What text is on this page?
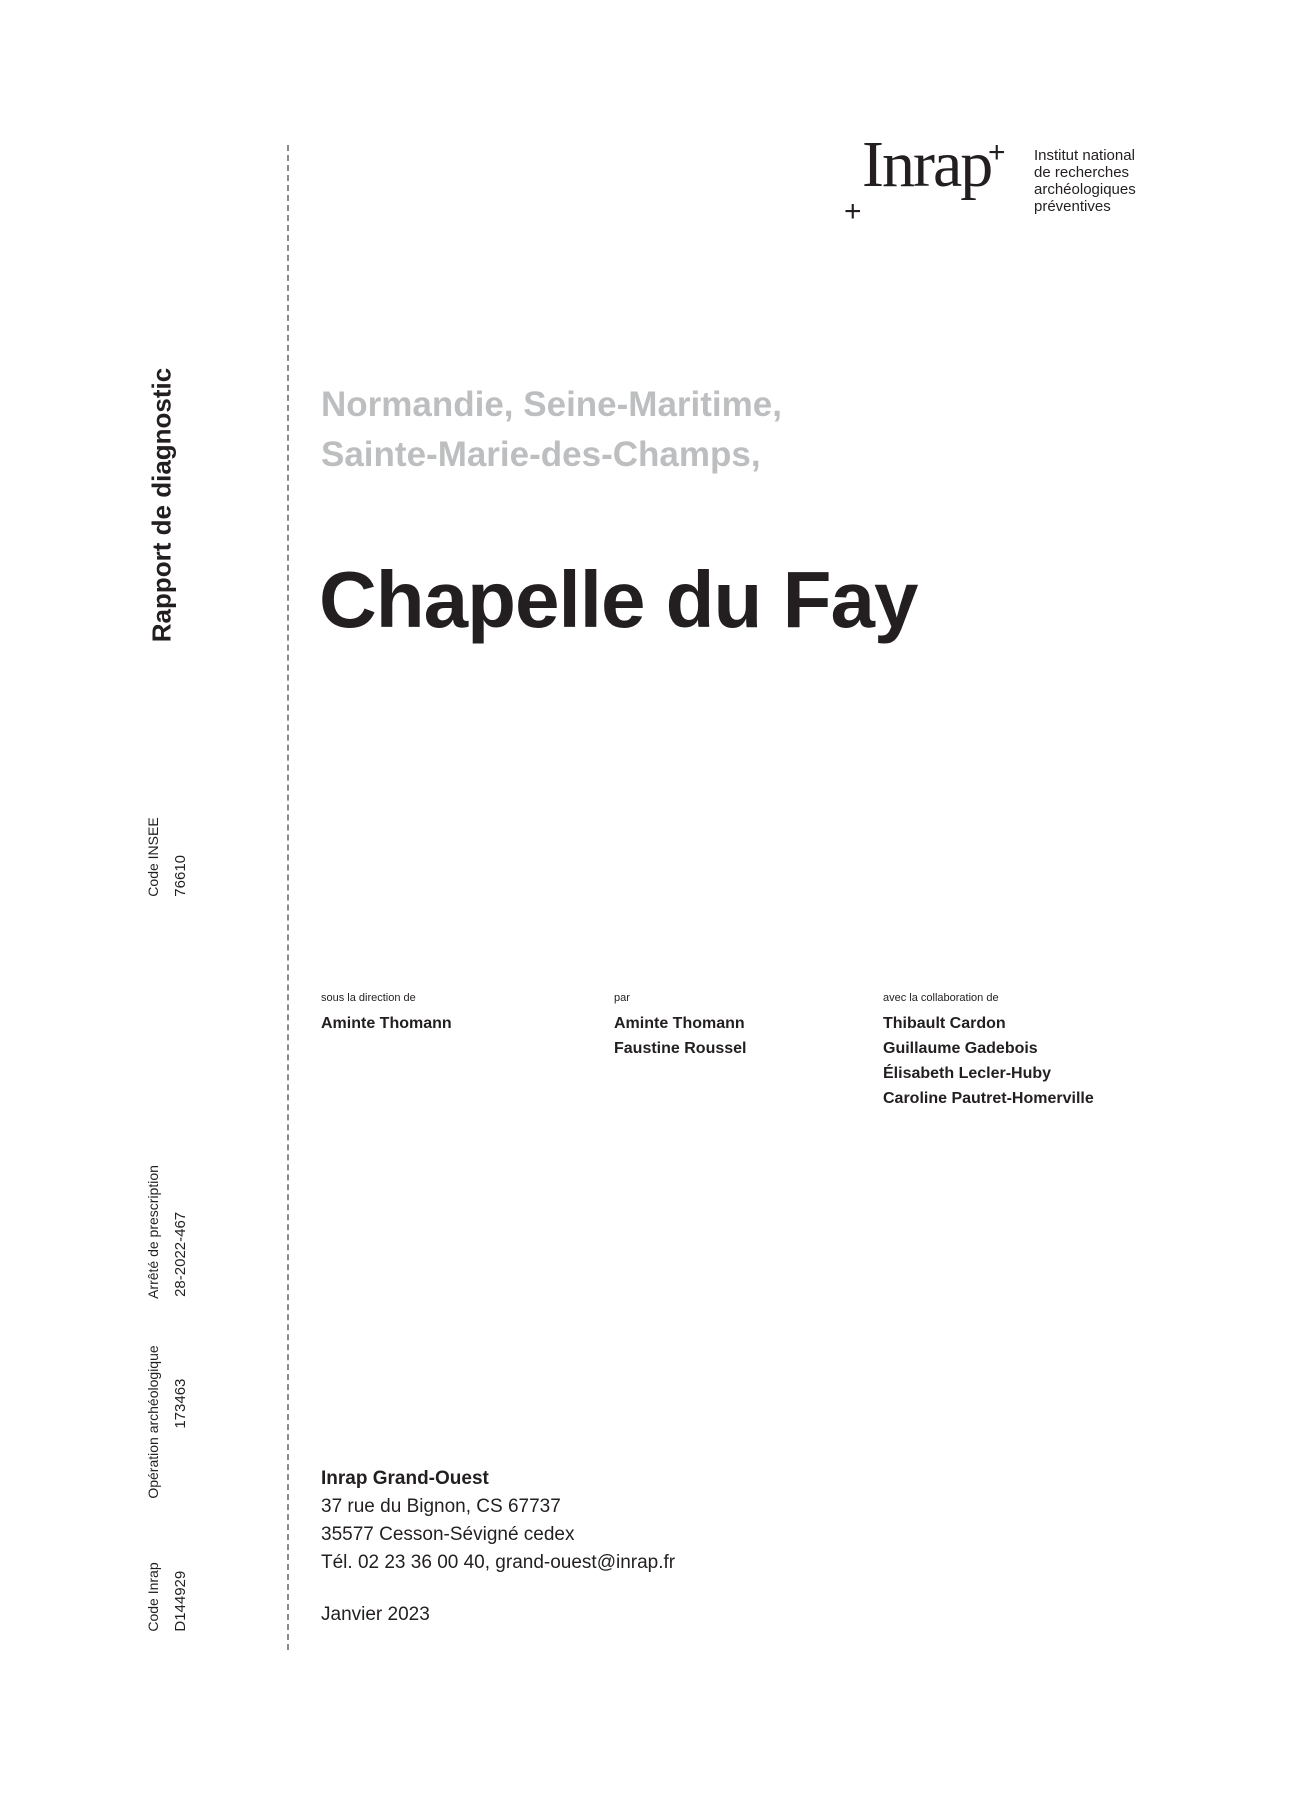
Rapport de diagnostic
Code INSEE 76610
Arrêté de prescription 28-2022-467
Opération archéologique 173463
Code Inrap D144929
+
Inrap
+
Institut national
de recherches
archéologiques
préventives
Normandie, Seine-Maritime,
Sainte-Marie-des-Champs,
Chapelle du Fay
sous la direction de
Aminte Thomann
par
Aminte Thomann
Faustine Roussel
avec la collaboration de
Thibault Cardon
Guillaume Gadebois
Élisabeth Lecler-Huby
Caroline Pautret-Homerville
Inrap Grand-Ouest
37 rue du Bignon, CS 67737
35577 Cesson-Sévigné cedex
Tél. 02 23 36 00 40, grand-ouest@inrap.fr
Janvier 2023
